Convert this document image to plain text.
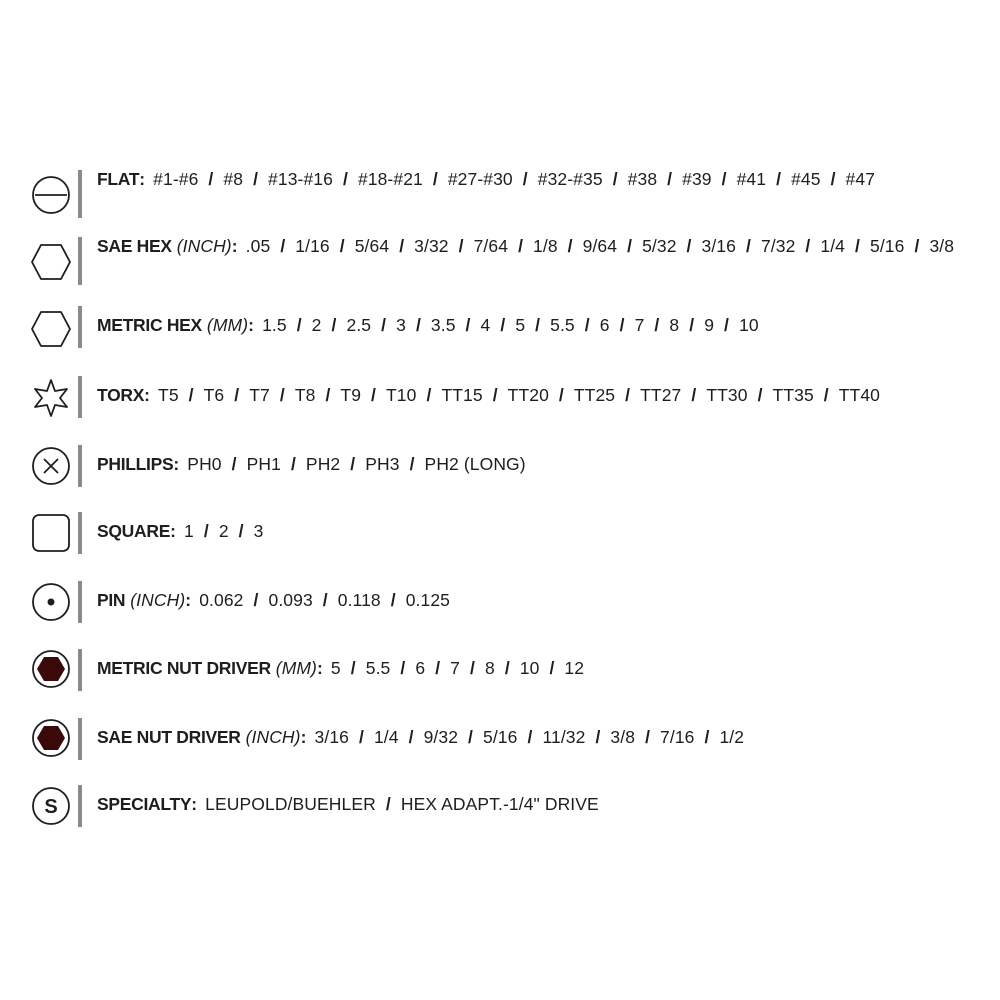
FLAT: #1-#6 / #8 / #13-#16 / #18-#21 / #27-#30 / #32-#35 / #38 / #39 / #41 / #45 / #47
SAE HEX (INCH): .05 / 1/16 / 5/64 / 3/32 / 7/64 / 1/8 / 9/64 / 5/32 / 3/16 / 7/32 / 1/4 / 5/16 / 3/8
METRIC HEX (MM): 1.5 / 2 / 2.5 / 3 / 3.5 / 4 / 5 / 5.5 / 6 / 7 / 8 / 9 / 10
TORX: T5 / T6 / T7 / T8 / T9 / T10 / TT15 / TT20 / TT25 / TT27 / TT30 / TT35 / TT40
PHILLIPS: PH0 / PH1 / PH2 / PH3 / PH2 (LONG)
SQUARE: 1 / 2 / 3
PIN (INCH): 0.062 / 0.093 / 0.118 / 0.125
METRIC NUT DRIVER (MM): 5 / 5.5 / 6 / 7 / 8 / 10 / 12
SAE NUT DRIVER (INCH): 3/16 / 1/4 / 9/32 / 5/16 / 11/32 / 3/8 / 7/16 / 1/2
S SPECIALTY: LEUPOLD/BUEHLER / HEX ADAPT.-1/4" DRIVE
